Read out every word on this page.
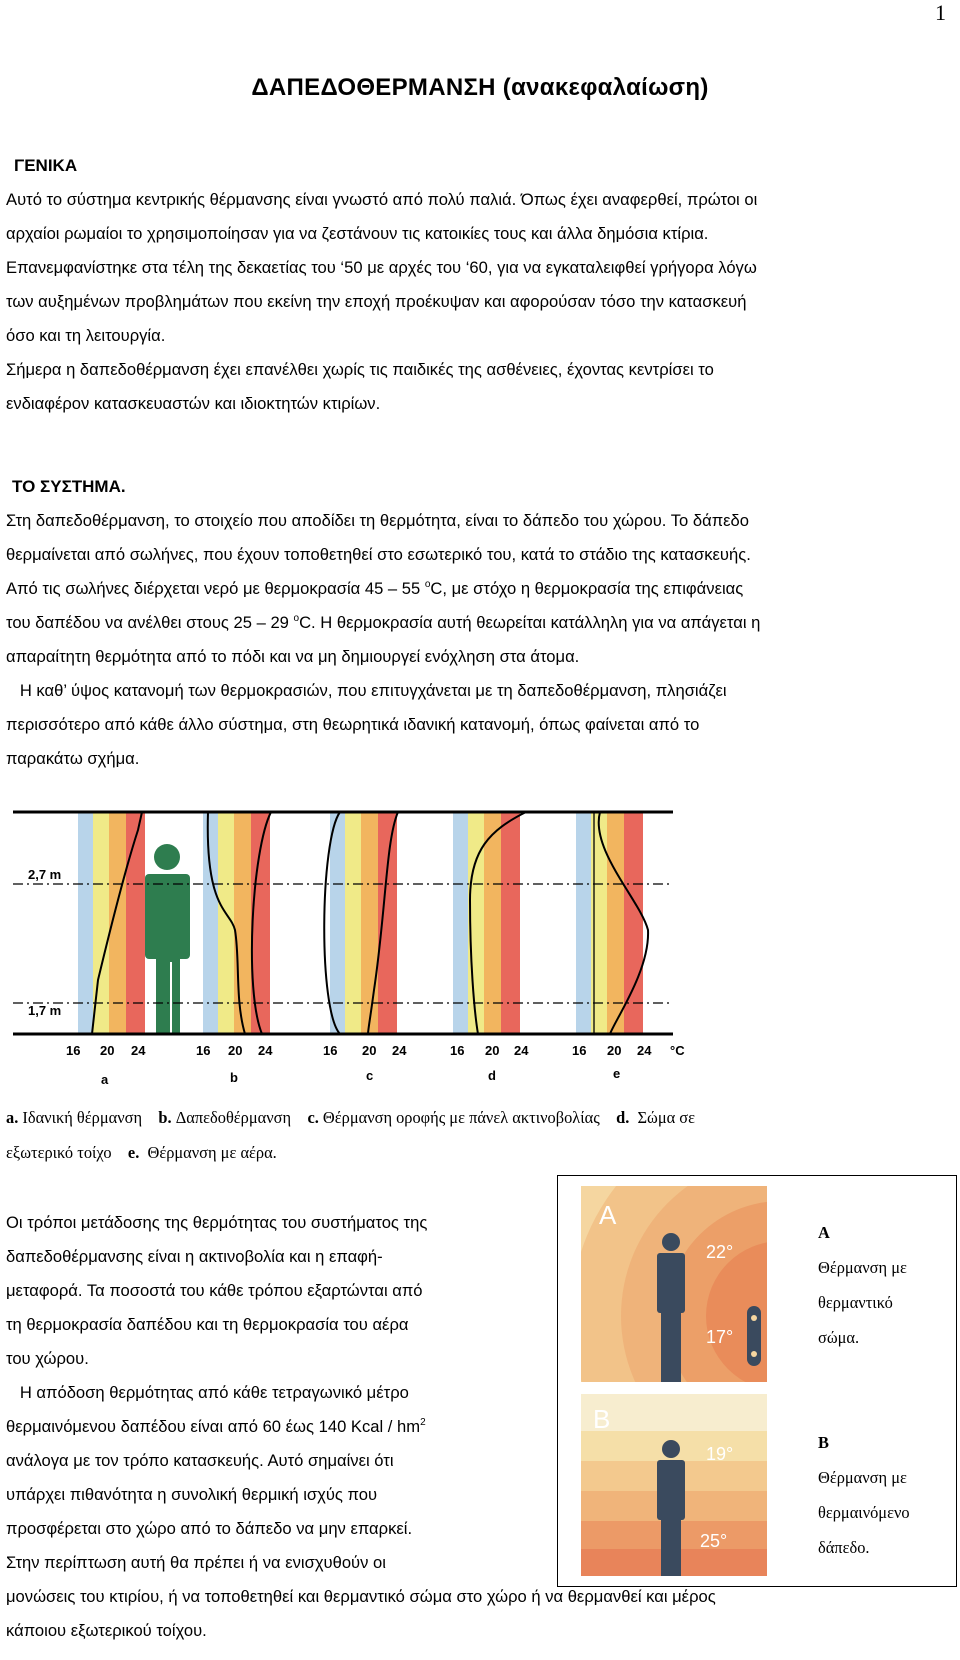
1
ΔΑΠΕΔΟΘΕΡΜΑΝΣΗ (ανακεφαλαίωση)
ΓΕΝΙΚΑ
Αυτό το σύστημα κεντρικής θέρμανσης είναι γνωστό από πολύ παλιά. Όπως έχει αναφερθεί, πρώτοι οι
αρχαίοι ρωμαίοι το χρησιμοποίησαν για να ζεστάνουν τις κατοικίες τους και άλλα δημόσια κτίρια.
Επανεμφανίστηκε στα τέλη της δεκαετίας του ‘50 με αρχές του ‘60, για να εγκαταλειφθεί γρήγορα λόγω
των αυξημένων προβλημάτων που εκείνη την εποχή προέκυψαν και αφορούσαν τόσο την κατασκευή
όσο και τη λειτουργία.
Σήμερα η δαπεδοθέρμανση έχει επανέλθει χωρίς τις παιδικές της ασθένειες, έχοντας κεντρίσει το
ενδιαφέρον κατασκευαστών και ιδιοκτητών κτιρίων.
ΤΟ ΣΥΣΤΗΜΑ.
Στη δαπεδοθέρμανση, το στοιχείο που αποδίδει τη θερμότητα, είναι το δάπεδο του χώρου. Το δάπεδο
θερμαίνεται από σωλήνες, που έχουν τοποθετηθεί στο εσωτερικό του, κατά το στάδιο της κατασκευής.
Από τις σωλήνες διέρχεται νερό με θερμοκρασία 45 – 55 $^o$C, με στόχο η θερμοκρασία της επιφάνειας
του δαπέδου να ανέλθει στους 25 – 29 $^o$C. Η θερμοκρασία αυτή θεωρείται κατάλληλη για να απάγεται η
απαραίτητη θερμότητα από το πόδι και να μη δημιουργεί ενόχληση στα άτομα.
Η καθ’ ύψος κατανομή των θερμοκρασιών, που επιτυγχάνεται με τη δαπεδοθέρμανση, πλησιάζει
περισσότερο από κάθε άλλο σύστημα, στη θεωρητικά ιδανική κατανομή, όπως φαίνεται από το
παρακάτω σχήμα.
2,7 m
1,7 m
16 20 24	16 20 24	16 20 24	16 20 24	16 20 24 °C
a	b	c	d	e
a. Ιδανική θέρμανση    b. Δαπεδοθέρμανση    c. Θέρμανση οροφής με πάνελ ακτινοβολίας    d.  Σώμα σε
εξωτερικό τοίχο    e.  Θέρμανση με αέρα.
A
22°
17°
B
19°
25°
A
Θέρμανση με
θερμαντικό
σώμα.
B
Θέρμανση με
θερμαινόμενο
δάπεδο.
Οι τρόποι μετάδοσης της θερμότητας του συστήματος της
δαπεδοθέρμανσης είναι η ακτινοβολία και η επαφή-
μεταφορά. Τα ποσοστά του κάθε τρόπου εξαρτώνται από
τη θερμοκρασία δαπέδου και τη θερμοκρασία του αέρα
του χώρου.
Η απόδοση θερμότητας από κάθε τετραγωνικό μέτρο
θερμαινόμενου δαπέδου είναι από 60 έως 140 Kcal / $hm^2$
ανάλογα με τον τρόπο κατασκευής. Αυτό σημαίνει ότι
υπάρχει πιθανότητα η συνολική θερμική ισχύς που
προσφέρεται στο χώρο από το δάπεδο να μην επαρκεί.
Στην περίπτωση αυτή θα πρέπει ή να ενισχυθούν οι
μονώσεις του κτιρίου, ή να τοποθετηθεί και θερμαντικό σώμα στο χώρο ή να θερμανθεί και μέρος
κάποιου εξωτερικού τοίχου.
